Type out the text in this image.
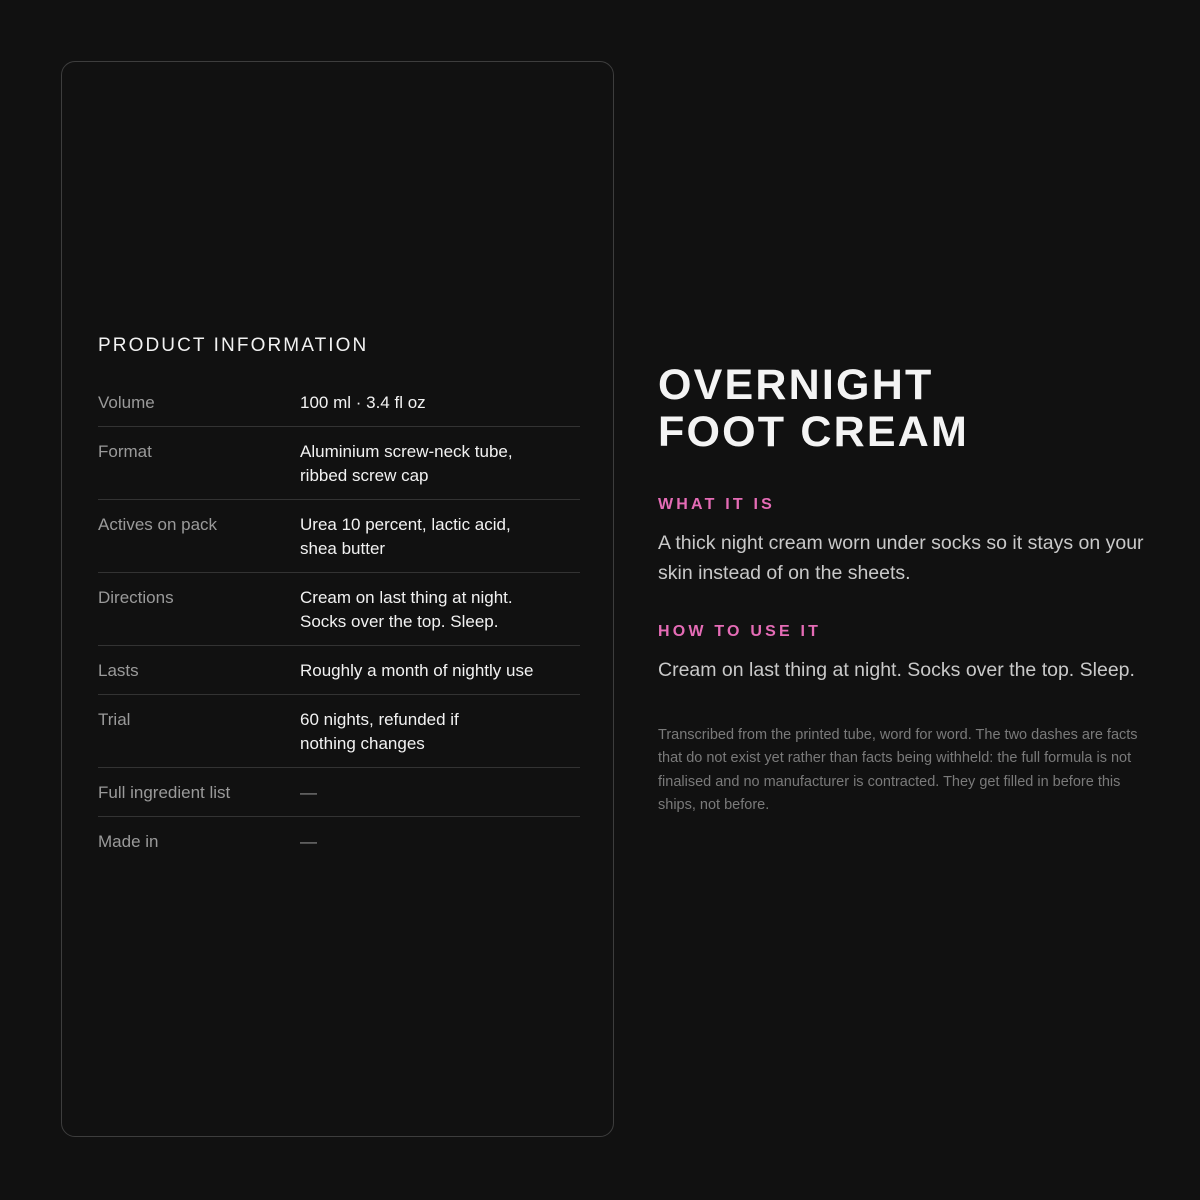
PRODUCT INFORMATION
Volume	100 ml · 3.4 fl oz
Format	Aluminium screw-neck tube,
ribbed screw cap
Actives on pack	Urea 10 percent, lactic acid,
shea butter
Directions	Cream on last thing at night.
Socks over the top. Sleep.
Lasts	Roughly a month of nightly use
Trial	60 nights, refunded if
nothing changes
Full ingredient list	—
Made in	—
OVERNIGHT
FOOT CREAM
WHAT IT IS
A thick night cream worn under socks so it stays on your skin instead of on the sheets.
HOW TO USE IT
Cream on last thing at night. Socks over the top. Sleep.
Transcribed from the printed tube, word for word. The two dashes are facts that do not exist yet rather than facts being withheld: the full formula is not finalised and no manufacturer is contracted. They get filled in before this ships, not before.
